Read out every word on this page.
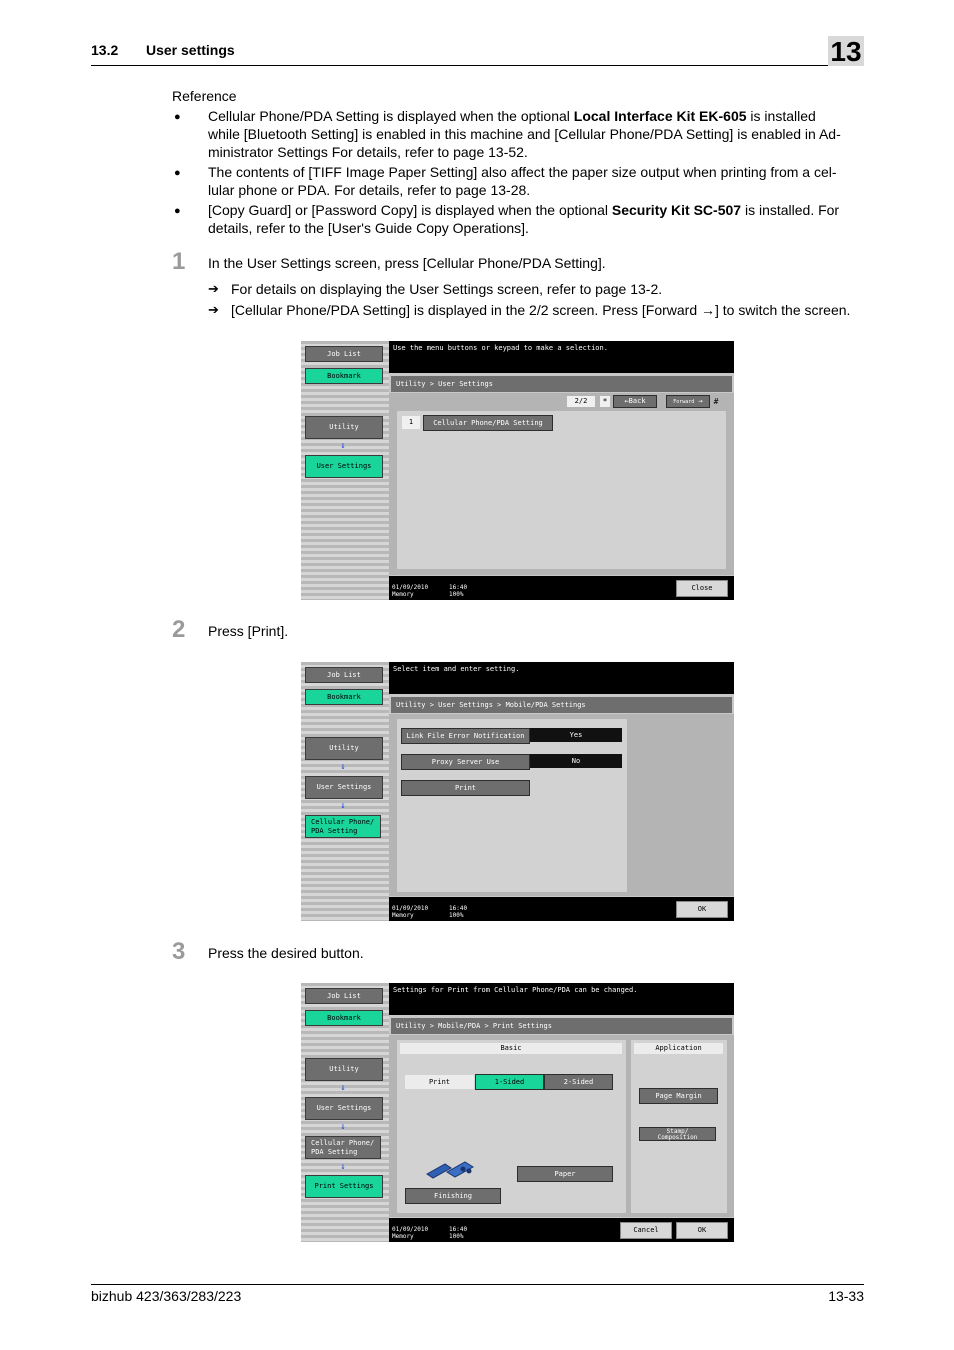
13.2 User settings	13
Reference
● Cellular Phone/PDA Setting is displayed when the optional Local Interface Kit EK-605 is installed
while [Bluetooth Setting] is enabled in this machine and [Cellular Phone/PDA Setting] is enabled in Ad-
ministrator Settings For details, refer to page 13-52.
● The contents of [TIFF Image Paper Setting] also affect the paper size output when printing from a cel-
lular phone or PDA. For details, refer to page 13-28.
● [Copy Guard] or [Password Copy] is displayed when the optional Security Kit SC-507 is installed. For
details, refer to the [User's Guide Copy Operations].
1 In the User Settings screen, press [Cellular Phone/PDA Setting].
➔ For details on displaying the User Settings screen, refer to page 13-2.
➔ [Cellular Phone/PDA Setting] is displayed in the 2/2 screen. Press [Forward →] to switch the screen.
Job List
Bookmark
Utility
↓
User Settings
Use the menu buttons or keypad to make a selection.
Utility > User Settings
2/2	*	←Back	Forward →	#
1	Cellular Phone/PDA Setting
01/09/2010
Memory
16:40
100%
Close
2 Press [Print].
Job List
Bookmark
Utility
↓
User Settings
↓
Cellular Phone/
PDA Setting
Select item and enter setting.
Utility > User Settings > Mobile/PDA Settings
Link File Error Notification	Yes
Proxy Server Use	No
Print
01/09/2010
Memory
16:40
100%
OK
3 Press the desired button.
Job List
Bookmark
Utility
↓
User Settings
↓
Cellular Phone/
PDA Setting
↓
Print Settings
Settings for Print from Cellular Phone/PDA can be changed.
Utility > Mobile/PDA > Print Settings
Basic	Application
Print	1-Sided	2-Sided
Page Margin
Stamp/
Composition
Paper
Finishing
01/09/2010
Memory
16:40
100%
Cancel	OK
bizhub 423/363/283/223	13-33
